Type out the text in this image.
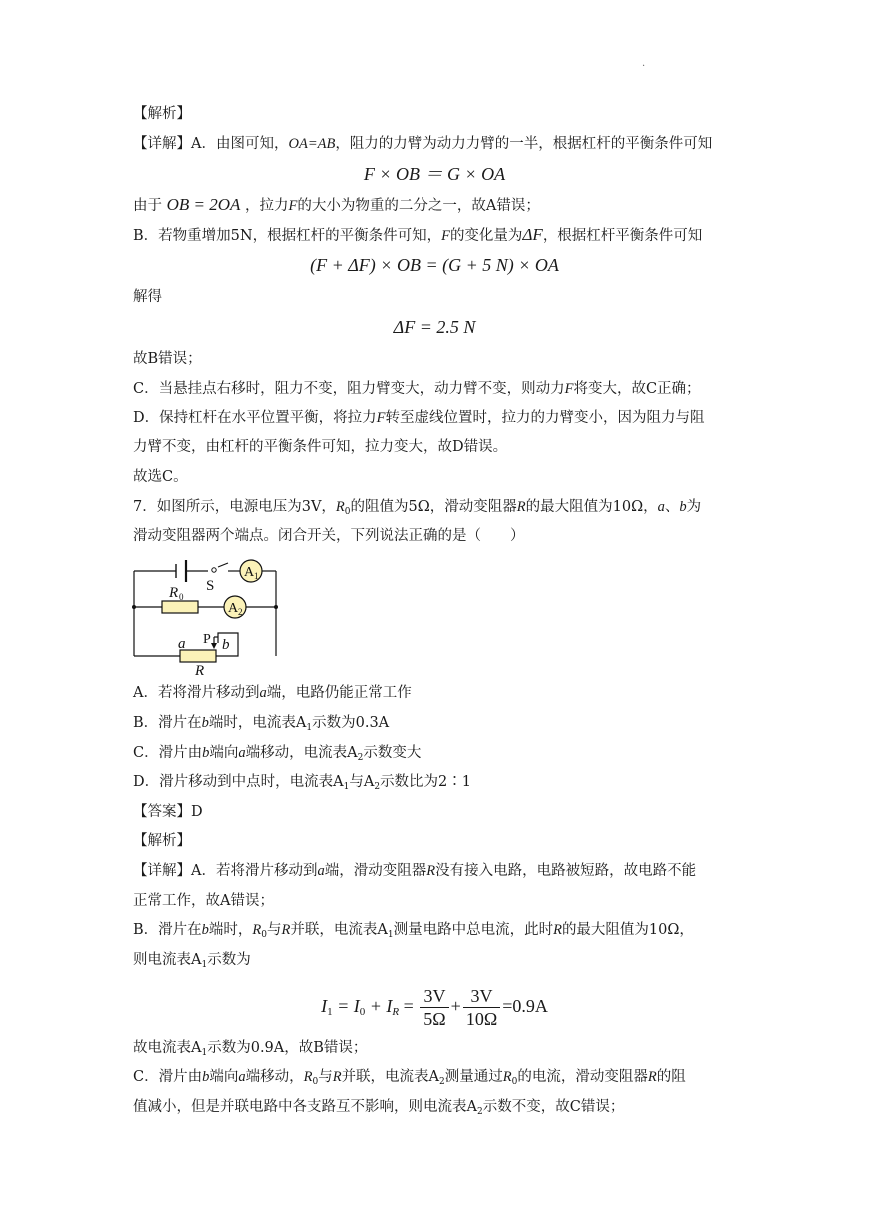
.
【解析】
【详解】A．由图可知，OA=AB，阻力的力臂为动力力臂的一半，根据杠杆的平衡条件可知
F × OB ＝ G × OA
由于 OB = 2OA ，拉力F的大小为物重的二分之一，故A错误；
B．若物重增加5N，根据杠杆的平衡条件可知，F的变化量为ΔF，根据杠杆平衡条件可知
(F + ΔF) × OB = (G + 5 N) × OA
解得
ΔF = 2.5 N
故B错误；
C．当悬挂点右移时，阻力不变，阻力臂变大，动力臂不变，则动力F将变大，故C正确；
D．保持杠杆在水平位置平衡，将拉力F转至虚线位置时，拉力的力臂变小，因为阻力与阻
力臂不变，由杠杆的平衡条件可知，拉力变大，故D错误。
故选C。
7．如图所示，电源电压为3V，$R_0$的阻值为5Ω，滑动变阻器R的最大阻值为10Ω，a、b为
滑动变阻器两个端点。闭合开关，下列说法正确的是（　　）
S
A 1
A 2
R 0
P
a b
R
A．若将滑片移动到a端，电路仍能正常工作
B．滑片在b端时，电流表$A_1$示数为0.3A
C．滑片由b端向a端移动，电流表$A_2$示数变大
D．滑片移动到中点时，电流表$A_1$与$A_2$示数比为2∶1
【答案】D
【解析】
【详解】A．若将滑片移动到a端，滑动变阻器R没有接入电路，电路被短路，故电路不能
正常工作，故A错误；
B．滑片在b端时，$R_0$与R并联，电流表$A_1$测量电路中总电流，此时R的最大阻值为10Ω，
则电流表$A_1$示数为
$I_1 = I_0 + I_R = \frac{3V}{5\Omega} + \frac{3V}{10\Omega} =0.9A$
故电流表$A_1$示数为0.9A，故B错误；
C．滑片由b端向a端移动，$R_0$与R并联，电流表$A_2$测量通过$R_0$的电流，滑动变阻器R的阻
值减小，但是并联电路中各支路互不影响，则电流表$A_2$示数不变，故C错误；
